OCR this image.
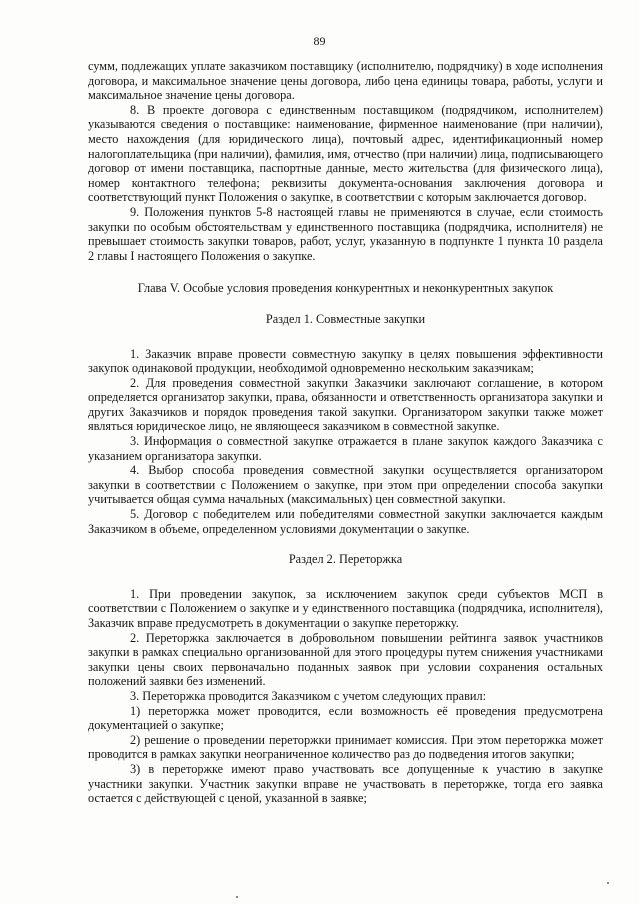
89

сумм, подлежащих уплате заказчиком поставщику (исполнителю, подрядчику) в ходе исполнения договора, и максимальное значение цены договора, либо цена единицы товара, работы, услуги и максимальное значение цены договора.

8. В проекте договора с единственным поставщиком (подрядчиком, исполнителем) указываются сведения о поставщике: наименование, фирменное наименование (при наличии), место нахождения (для юридического лица), почтовый адрес, идентификационный номер налогоплательщика (при наличии), фамилия, имя, отчество (при наличии) лица, подписывающего договор от имени поставщика, паспортные данные, место жительства (для физического лица), номер контактного телефона; реквизиты документа-основания заключения договора и соответствующий пункт Положения о закупке, в соответствии с которым заключается договор.

9. Положения пунктов 5-8 настоящей главы не применяются в случае, если стоимость закупки по особым обстоятельствам у единственного поставщика (подрядчика, исполнителя) не превышает стоимость закупки товаров, работ, услуг, указанную в подпункте 1 пункта 10 раздела 2 главы I настоящего Положения о закупке.

Глава V. Особые условия проведения конкурентных и неконкурентных закупок

Раздел 1. Совместные закупки

1. Заказчик вправе провести совместную закупку в целях повышения эффективности закупок одинаковой продукции, необходимой одновременно нескольким заказчикам;

2. Для проведения совместной закупки Заказчики заключают соглашение, в котором определяется организатор закупки, права, обязанности и ответственность организатора закупки и других Заказчиков и порядок проведения такой закупки. Организатором закупки также может являться юридическое лицо, не являющееся заказчиком в совместной закупке.

3. Информация о совместной закупке отражается в плане закупок каждого Заказчика с указанием организатора закупки.

4. Выбор способа проведения совместной закупки осуществляется организатором закупки в соответствии с Положением о закупке, при этом при определении способа закупки учитывается общая сумма начальных (максимальных) цен совместной закупки.

5. Договор с победителем или победителями совместной закупки заключается каждым Заказчиком в объеме, определенном условиями документации о закупке.

Раздел 2. Переторжка

1. При проведении закупок, за исключением закупок среди субъектов МСП в соответствии с Положением о закупке и у единственного поставщика (подрядчика, исполнителя), Заказчик вправе предусмотреть в документации о закупке переторжку.

2. Переторжка заключается в добровольном повышении рейтинга заявок участников закупки в рамках специально организованной для этого процедуры путем снижения участниками закупки цены своих первоначально поданных заявок при условии сохранения остальных положений заявки без изменений.

3. Переторжка проводится Заказчиком с учетом следующих правил:

1) переторжка может проводится, если возможность её проведения предусмотрена документацией о закупке;

2) решение о проведении переторжки принимает комиссия. При этом переторжка может проводится в рамках закупки неограниченное количество раз до подведения итогов закупки;

3) в переторжке имеют право участвовать все допущенные к участию в закупке участники закупки. Участник закупки вправе не участвовать в переторжке, тогда его заявка остается с действующей с ценой, указанной в заявке;
